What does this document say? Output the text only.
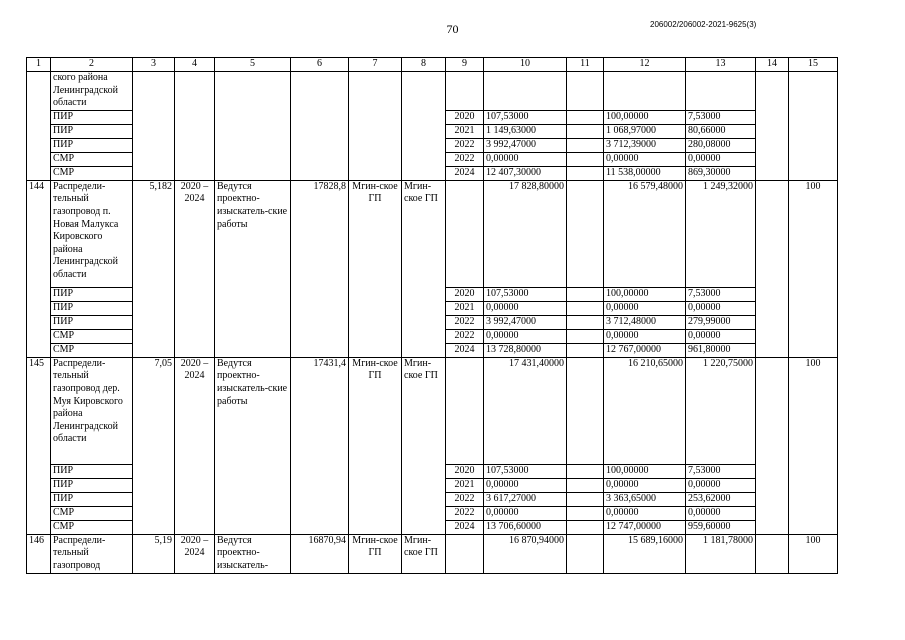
70	206002/206002-2021-9625(3)
1	2	3	4	5	6	7	8	9	10	11	12	13	14	15
	ского района Ленинградской области													
	ПИР							2020	107,53000		100,00000	7,53000		
	ПИР							2021	1 149,63000		1 068,97000	80,66000		
	ПИР							2022	3 992,47000		3 712,39000	280,08000		
	СМР							2022	0,00000		0,00000	0,00000		
	СМР							2024	12 407,30000		11 538,00000	869,30000		
144	Распредели-тельный газопровод п. Новая Малукса Кировского района Ленинградской области	5,182	2020 – 2024	Ведутся проектно-изыскатель-ские работы	17828,8	Мгин-ское ГП	Мгин-ское ГП		17 828,80000		16 579,48000	1 249,32000		100
	ПИР							2020	107,53000		100,00000	7,53000		
	ПИР							2021	0,00000		0,00000	0,00000		
	ПИР							2022	3 992,47000		3 712,48000	279,99000		
	СМР							2022	0,00000		0,00000	0,00000		
	СМР							2024	13 728,80000		12 767,00000	961,80000		
145	Распредели-тельный газопровод дер. Муя Кировского района Ленинградской области	7,05	2020 – 2024	Ведутся проектно-изыскатель-ские работы	17431,4	Мгин-ское ГП	Мгин-ское ГП		17 431,40000		16 210,65000	1 220,75000		100
	ПИР							2020	107,53000		100,00000	7,53000		
	ПИР							2021	0,00000		0,00000	0,00000		
	ПИР							2022	3 617,27000		3 363,65000	253,62000		
	СМР							2022	0,00000		0,00000	0,00000		
	СМР							2024	13 706,60000		12 747,00000	959,60000		
146	Распредели-тельный газопровод	5,19	2020 – 2024	Ведутся проектно-изыскатель-	16870,94	Мгин-ское ГП	Мгин-ское ГП		16 870,94000		15 689,16000	1 181,78000		100
